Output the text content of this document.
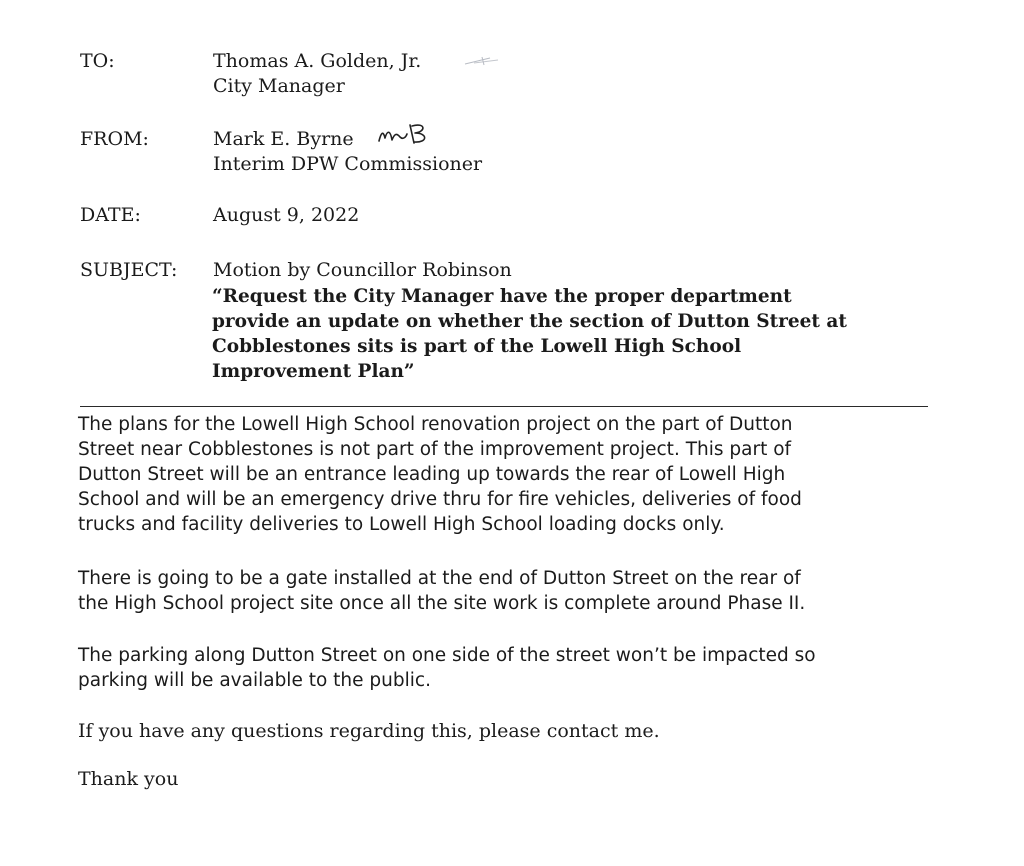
TO:	Thomas A. Golden, Jr.
City Manager
FROM:	Mark E. Byrne
Interim DPW Commissioner
DATE:	August 9, 2022
SUBJECT: Motion by Councillor Robinson
“Request the City Manager have the proper department
provide an update on whether the section of Dutton Street at
Cobblestones sits is part of the Lowell High School
Improvement Plan”
The plans for the Lowell High School renovation project on the part of Dutton
Street near Cobblestones is not part of the improvement project. This part of
Dutton Street will be an entrance leading up towards the rear of Lowell High
School and will be an emergency drive thru for fire vehicles, deliveries of food
trucks and facility deliveries to Lowell High School loading docks only.
There is going to be a gate installed at the end of Dutton Street on the rear of
the High School project site once all the site work is complete around Phase II.
The parking along Dutton Street on one side of the street won’t be impacted so
parking will be available to the public.
If you have any questions regarding this, please contact me.
Thank you
